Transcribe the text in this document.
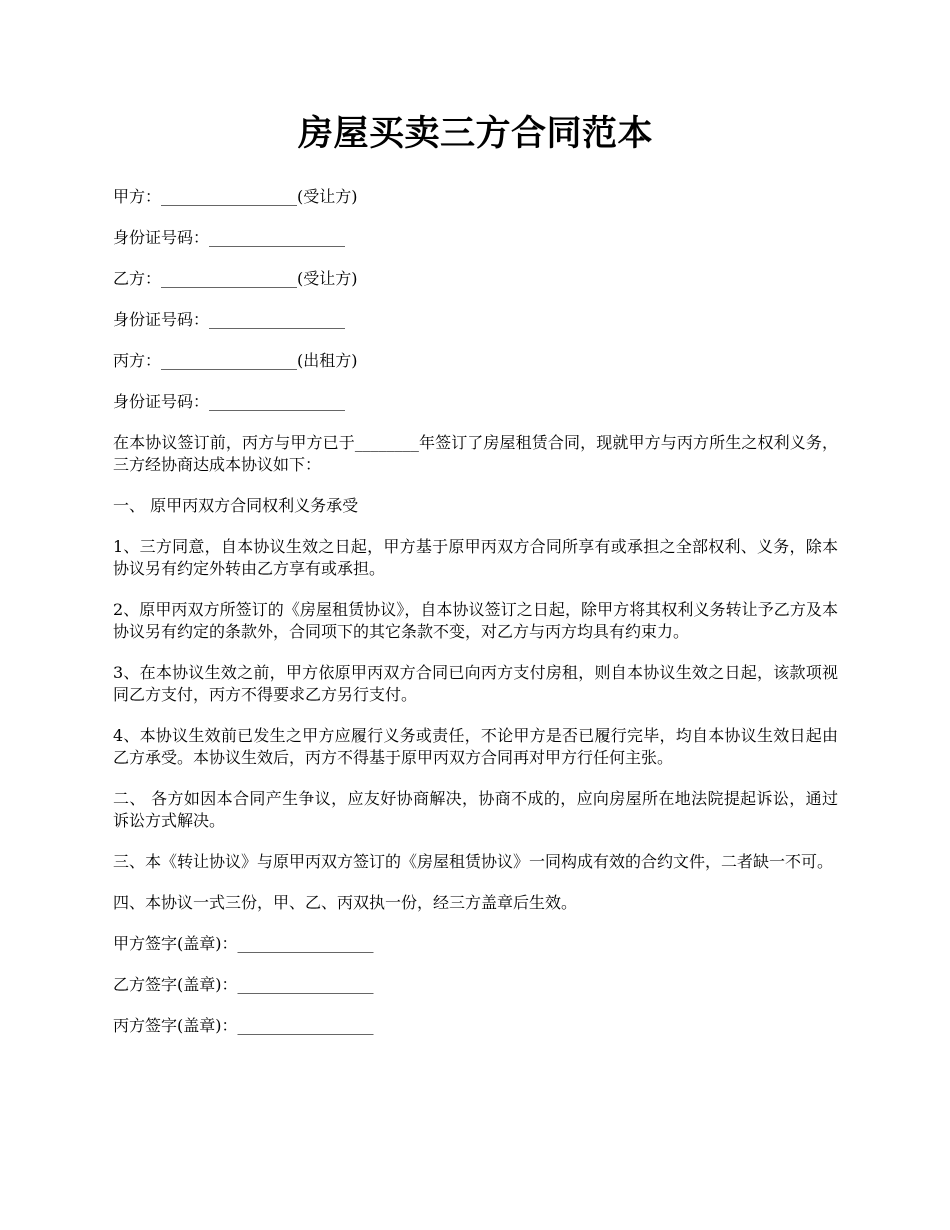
房屋买卖三方合同范本

甲方：_________________(受让方)

身份证号码：_________________

乙方：_________________(受让方)

身份证号码：_________________

丙方：_________________(出租方)

身份证号码：_________________

在本协议签订前，丙方与甲方已于________年签订了房屋租赁合同，现就甲方与丙方所生之权利义务，三方经协商达成本协议如下：

一、 原甲丙双方合同权利义务承受

1、三方同意，自本协议生效之日起，甲方基于原甲丙双方合同所享有或承担之全部权利、义务，除本协议另有约定外转由乙方享有或承担。

2、原甲丙双方所签订的《房屋租赁协议》，自本协议签订之日起，除甲方将其权利义务转让予乙方及本协议另有约定的条款外，合同项下的其它条款不变，对乙方与丙方均具有约束力。

3、在本协议生效之前，甲方依原甲丙双方合同已向丙方支付房租，则自本协议生效之日起，该款项视同乙方支付，丙方不得要求乙方另行支付。

4、本协议生效前已发生之甲方应履行义务或责任，不论甲方是否已履行完毕，均自本协议生效日起由乙方承受。本协议生效后，丙方不得基于原甲丙双方合同再对甲方行任何主张。

二、 各方如因本合同产生争议，应友好协商解决，协商不成的，应向房屋所在地法院提起诉讼，通过诉讼方式解决。

三、本《转让协议》与原甲丙双方签订的《房屋租赁协议》一同构成有效的合约文件，二者缺一不可。

四、本协议一式三份，甲、乙、丙双执一份，经三方盖章后生效。

甲方签字(盖章)：_________________

乙方签字(盖章)：_________________

丙方签字(盖章)：_________________
